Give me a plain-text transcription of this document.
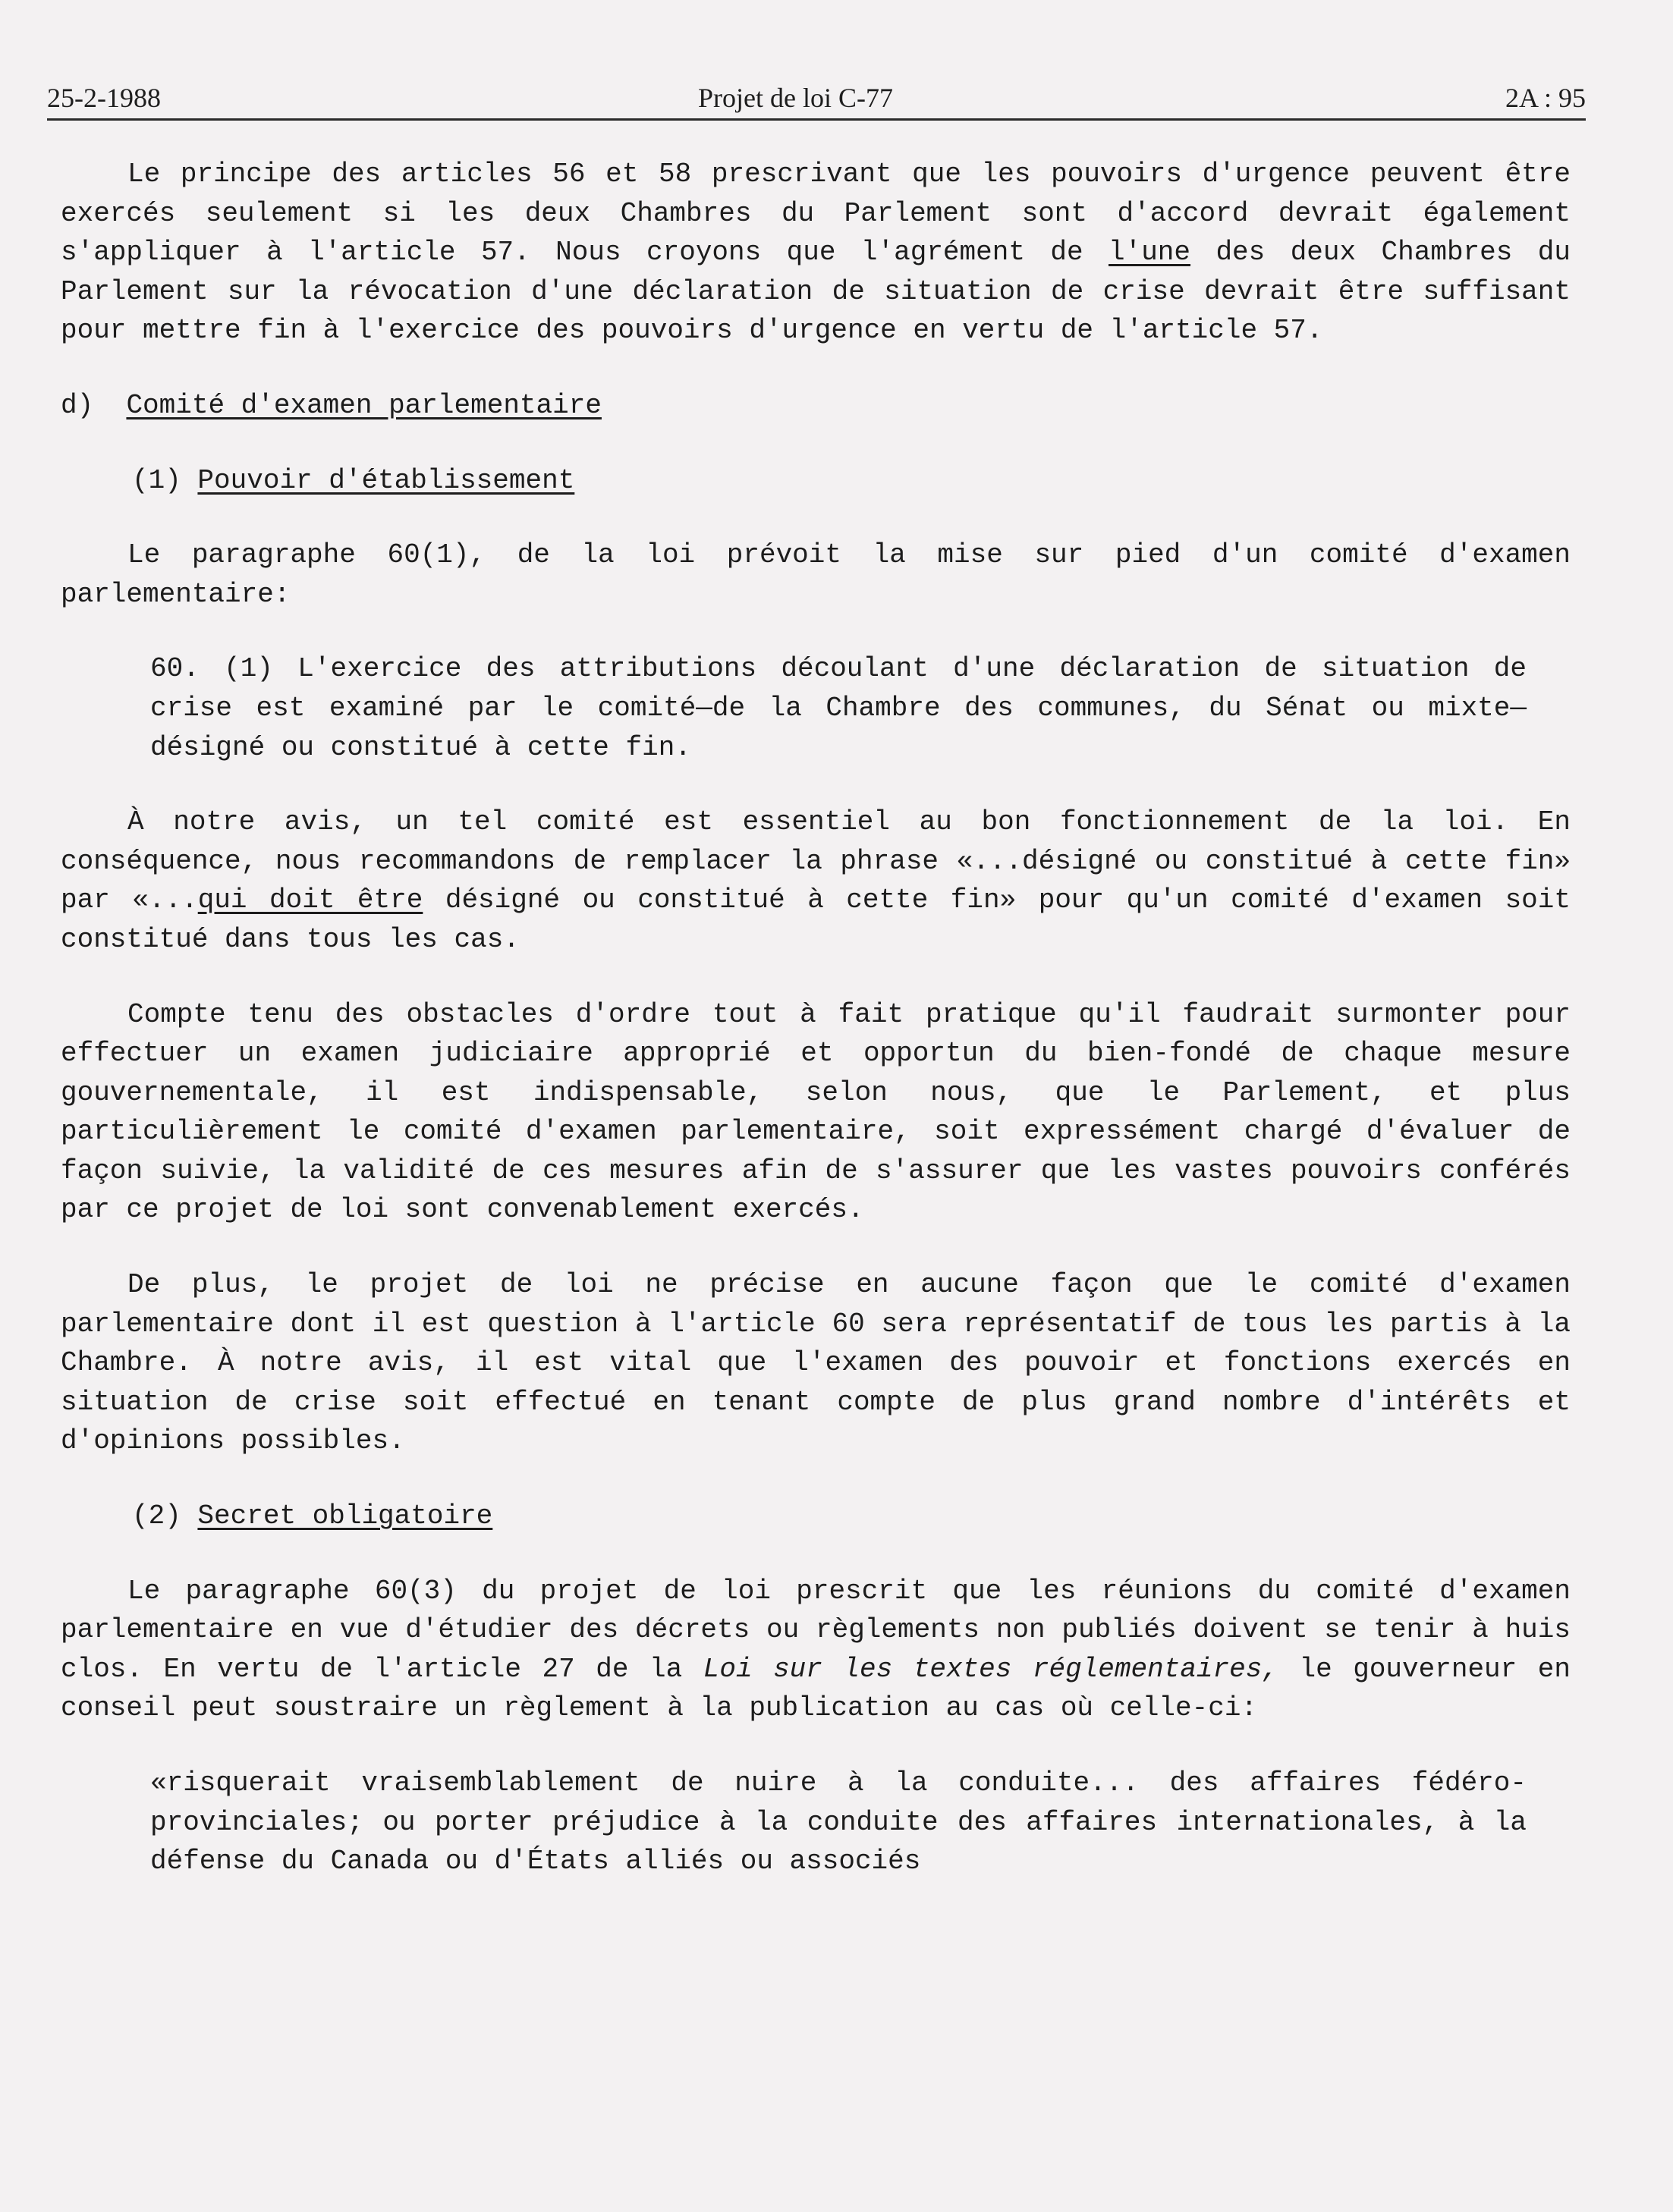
25-2-1988	Projet de loi C-77	2A : 95

Le principe des articles 56 et 58 prescrivant que les pouvoirs d'urgence peuvent être exercés seulement si les deux Chambres du Parlement sont d'accord devrait également s'appliquer à l'article 57. Nous croyons que l'agrément de l'une des deux Chambres du Parlement sur la révocation d'une déclaration de situation de crise devrait être suffisant pour mettre fin à l'exercice des pouvoirs d'urgence en vertu de l'article 57.

d) Comité d'examen parlementaire
(1) Pouvoir d'établissement

Le paragraphe 60(1), de la loi prévoit la mise sur pied d'un comité d'examen parlementaire:

60. (1) L'exercice des attributions découlant d'une déclaration de situation de crise est examiné par le comité—de la Chambre des communes, du Sénat ou mixte—désigné ou constitué à cette fin.

À notre avis, un tel comité est essentiel au bon fonctionnement de la loi. En conséquence, nous recommandons de remplacer la phrase «...désigné ou constitué à cette fin» par «...qui doit être désigné ou constitué à cette fin» pour qu'un comité d'examen soit constitué dans tous les cas.

Compte tenu des obstacles d'ordre tout à fait pratique qu'il faudrait surmonter pour effectuer un examen judiciaire approprié et opportun du bien-fondé de chaque mesure gouvernementale, il est indispensable, selon nous, que le Parlement, et plus particulièrement le comité d'examen parlementaire, soit expressément chargé d'évaluer de façon suivie, la validité de ces mesures afin de s'assurer que les vastes pouvoirs conférés par ce projet de loi sont convenablement exercés.

De plus, le projet de loi ne précise en aucune façon que le comité d'examen parlementaire dont il est question à l'article 60 sera représentatif de tous les partis à la Chambre. À notre avis, il est vital que l'examen des pouvoir et fonctions exercés en situation de crise soit effectué en tenant compte de plus grand nombre d'intérêts et d'opinions possibles.

(2) Secret obligatoire

Le paragraphe 60(3) du projet de loi prescrit que les réunions du comité d'examen parlementaire en vue d'étudier des décrets ou règlements non publiés doivent se tenir à huis clos. En vertu de l'article 27 de la Loi sur les textes réglementaires, le gouverneur en conseil peut soustraire un règlement à la publication au cas où celle-ci:

«risquerait vraisemblablement de nuire à la conduite... des affaires fédéro-provinciales; ou porter préjudice à la conduite des affaires internationales, à la défense du Canada ou d'États alliés ou associés
